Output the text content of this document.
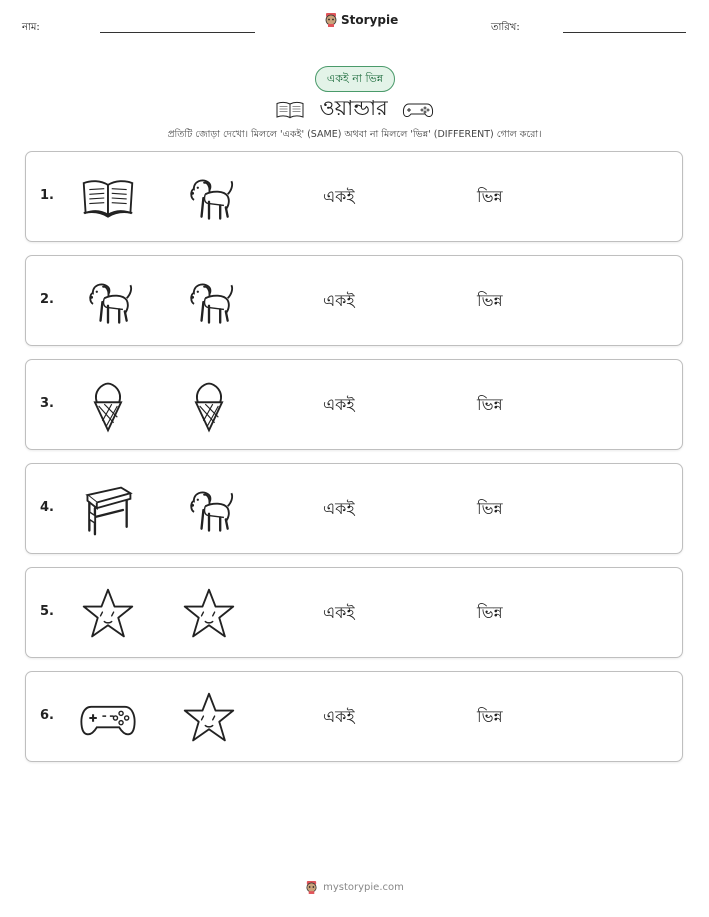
নাম:
Storypie
তারিখ:
একই না ভিন্ন
ওয়ান্ডার
প্রতিটি জোড়া দেখো। মিললে 'একই' (SAME) অথবা না মিললে 'ভিন্ন' (DIFFERENT) গোল করো।
1.	একই	ভিন্ন
2.	একই	ভিন্ন
3.	একই	ভিন্ন
4.	একই	ভিন্ন
5.	একই	ভিন্ন
6.	একই	ভিন্ন
mystorypie.com
